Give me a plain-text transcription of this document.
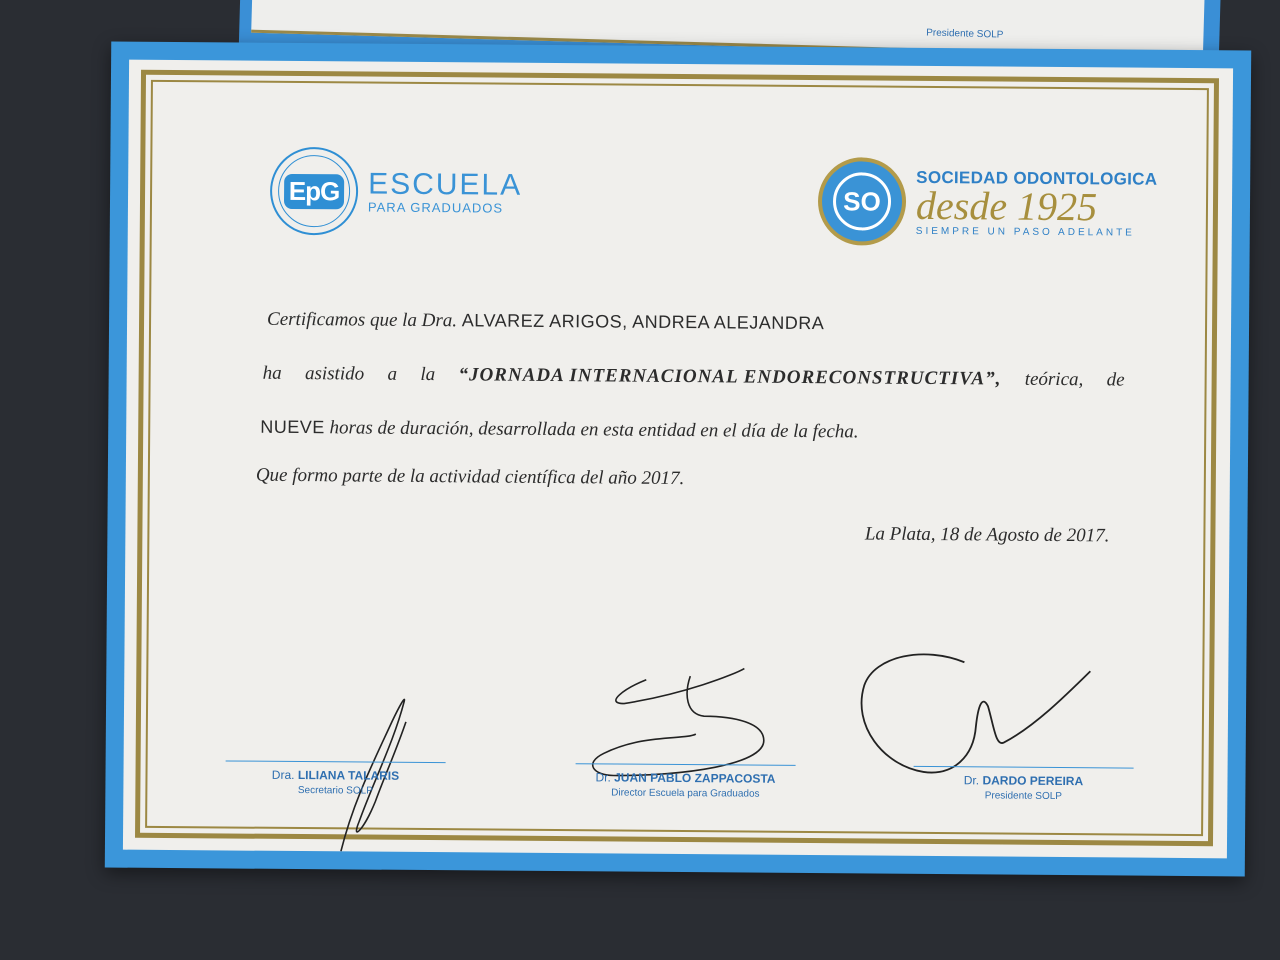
Presidente SOLP
EpG ESCUELA
PARA GRADUADOS	SO
SOCIEDAD ODONTOLOGICA
desde 1925
SIEMPRE UN PASO ADELANTE
Certificamos que la Dra. ALVAREZ ARIGOS, ANDREA ALEJANDRA
ha asistido a la “JORNADA INTERNACIONAL ENDORECONSTRUCTIVA”, teórica, de
NUEVE horas de duración, desarrollada en esta entidad en el día de la fecha.
Que formo parte de la actividad científica del año 2017.
La Plata, 18 de Agosto de 2017.
Dra. LILIANA TALARIS
Secretario SOLP
Dr. JUAN PABLO ZAPPACOSTA
Director Escuela para Graduados
Dr. DARDO PEREIRA
Presidente SOLP
